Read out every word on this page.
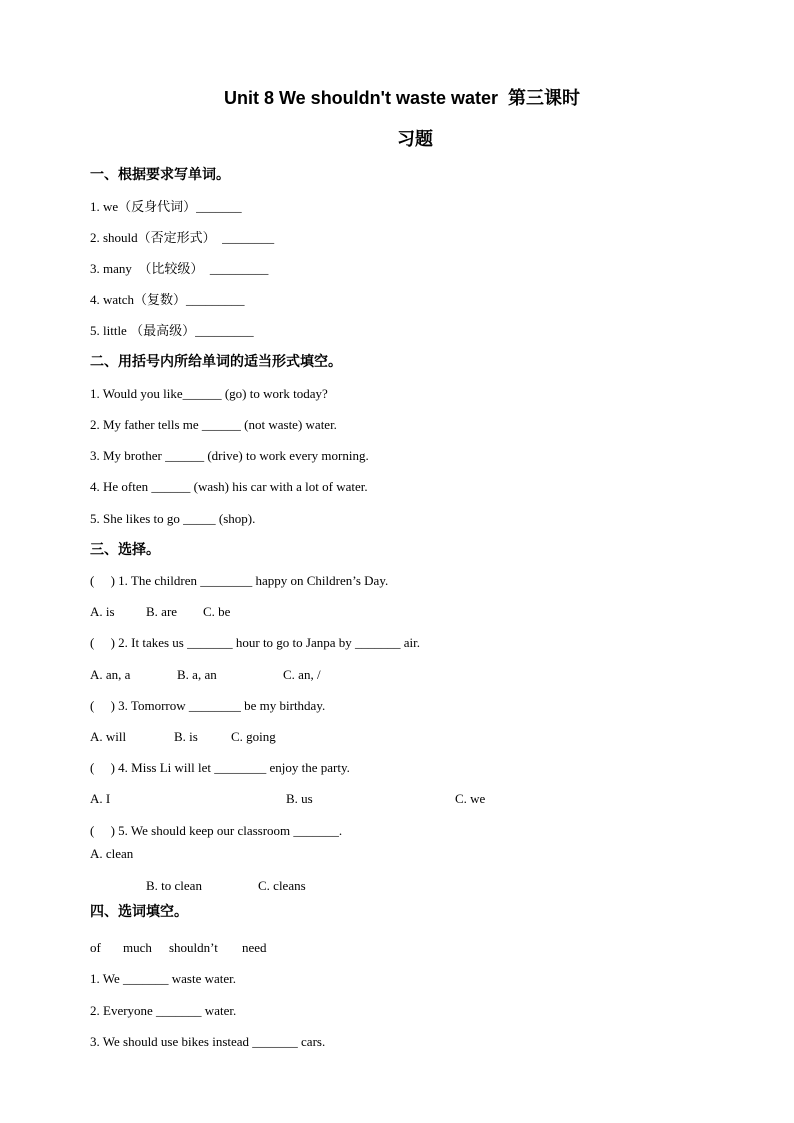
Unit 8 We shouldn't waste water  第三课时
习题
一、根据要求写单词。
1. we（反身代词）_______
2. should（否定形式）  ________
3. many  （比较级）  _________
4. watch（复数）_________
5. little （最高级）_________
二、用括号内所给单词的适当形式填空。
1. Would you like______ (go) to work today?
2. My father tells me ______ (not waste) water.
3. My brother ______ (drive) to work every morning.
4. He often ______ (wash) his car with a lot of water.
5. She likes to go _____ (shop).
三、选择。
(     ) 1. The children ________ happy on Children’s Day.
A. is B. are C. be
(     ) 2. It takes us _______ hour to go to Janpa by _______ air.
A. an, a	B. a, an	C. an, /
(     ) 3. Tomorrow ________ be my birthday.
A. will	B. is	C. going
(     ) 4. Miss Li will let ________ enjoy the party.
A. I	B. us	C. we
(     ) 5. We should keep our classroom _______.
A. clean
B. to clean	C. cleans
四、选词填空。
of much shouldn’t need
1. We _______ waste water.
2. Everyone _______ water.
3. We should use bikes instead _______ cars.
